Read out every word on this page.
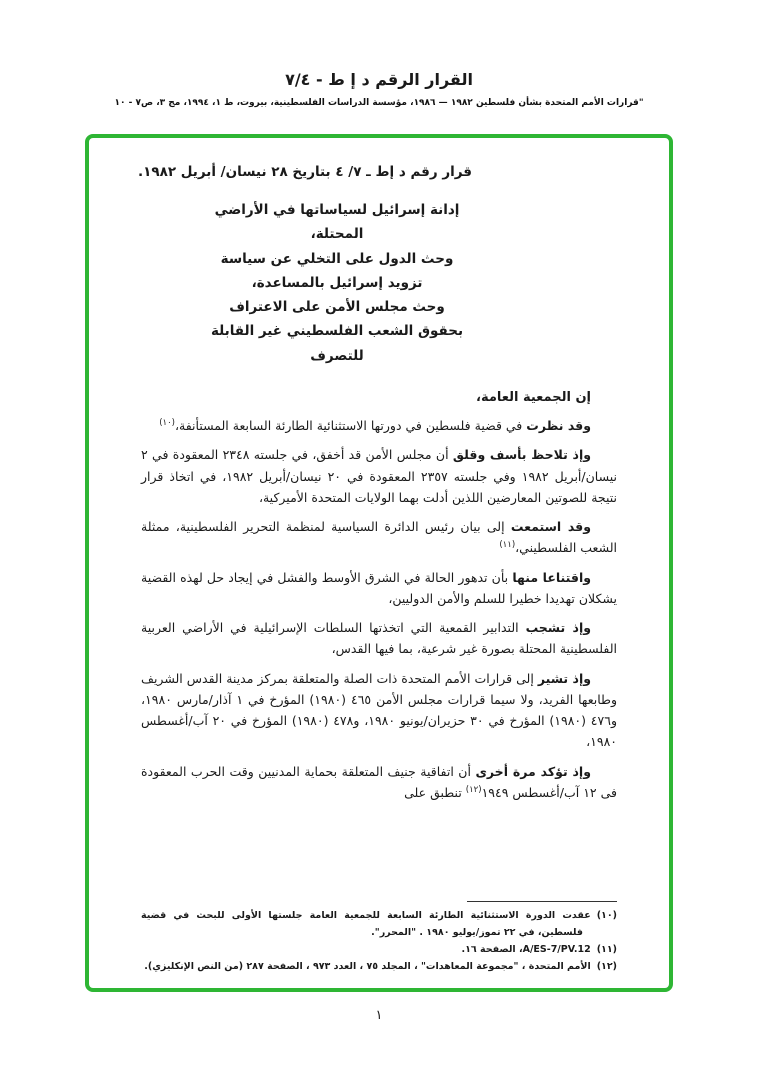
القرار الرقم د إ ط - ٧/٤
"قرارات الأمم المتحدة بشأن فلسطين ١٩٨٢ — ١٩٨٦، مؤسسة الدراسات الفلسطينية، بيروت، ط ١، ١٩٩٤، مج ٣، ص٧ - ١٠
قرار رقم د إط ـ ٧/ ٤ بتاريخ ٢٨ نيسان/ أبريل ١٩٨٢.
إدانة إسرائيل لسياساتها في الأراضي المحتلة،
وحث الدول على التخلي عن سياسة
تزويد إسرائيل بالمساعدة،
وحث مجلس الأمن على الاعتراف
بحقوق الشعب الفلسطيني غير القابلة للتصرف

إن الجمعية العامة،

وقد نظرت في قضية فلسطين في دورتها الاستثنائية الطارئة السابعة المستأنفة،$^{(١٠)}$

وإذ تلاحظ بأسف وقلق أن مجلس الأمن قد أخفق، في جلسته ٢٣٤٨ المعقودة في ٢ نيسان/أبريل ١٩٨٢ وفي جلسته ٢٣٥٧ المعقودة في ٢٠ نيسان/أبريل ١٩٨٢، في اتخاذ قرار نتيجة للصوتين المعارضين اللذين أدلت بهما الولايات المتحدة الأميركية،

وقد استمعت إلى بيان رئيس الدائرة السياسية لمنظمة التحرير الفلسطينية، ممثلة الشعب الفلسطيني،$^{(١١)}$

واقتناعا منها بأن تدهور الحالة في الشرق الأوسط والفشل في إيجاد حل لهذه القضية يشكلان تهديدا خطيرا للسلم والأمن الدوليين،

وإذ تشجب التدابير القمعية التي اتخذتها السلطات الإسرائيلية في الأراضي العربية الفلسطينية المحتلة بصورة غير شرعية، بما فيها القدس،

وإذ تشير إلى قرارات الأمم المتحدة ذات الصلة والمتعلقة بمركز مدينة القدس الشريف وطابعها الفريد، ولا سيما قرارات مجلس الأمن ٤٦٥ (١٩٨٠) المؤرخ في ١ آذار/مارس ١٩٨٠، و٤٧٦ (١٩٨٠) المؤرخ في ٣٠ حزيران/يونيو ١٩٨٠، و٤٧٨ (١٩٨٠) المؤرخ في ٢٠ آب/أغسطس ١٩٨٠،

وإذ تؤكد مرة أخرى أن اتفاقية جنيف المتعلقة بحماية المدنيين وقت الحرب المعقودة فى ١٢ آب/أغسطس ١٩٤٩$^{(١٢)}$ تنطبق على

(١٠)عقدت الدورة الاستثنائية الطارئة السابعة للجمعية العامة جلستها الأولى للبحث في قضية فلسطين، في ٢٢ تموز/يوليو ١٩٨٠ . "المحرر".

(١١)A/ES-7/PV.12، الصفحة ١٦.

(١٢)الأمم المتحدة ، "مجموعة المعاهدات" ، المجلد ٧٥ ، العدد ٩٧٣ ، الصفحة ٢٨٧ (من النص الإنكليزي).

١
